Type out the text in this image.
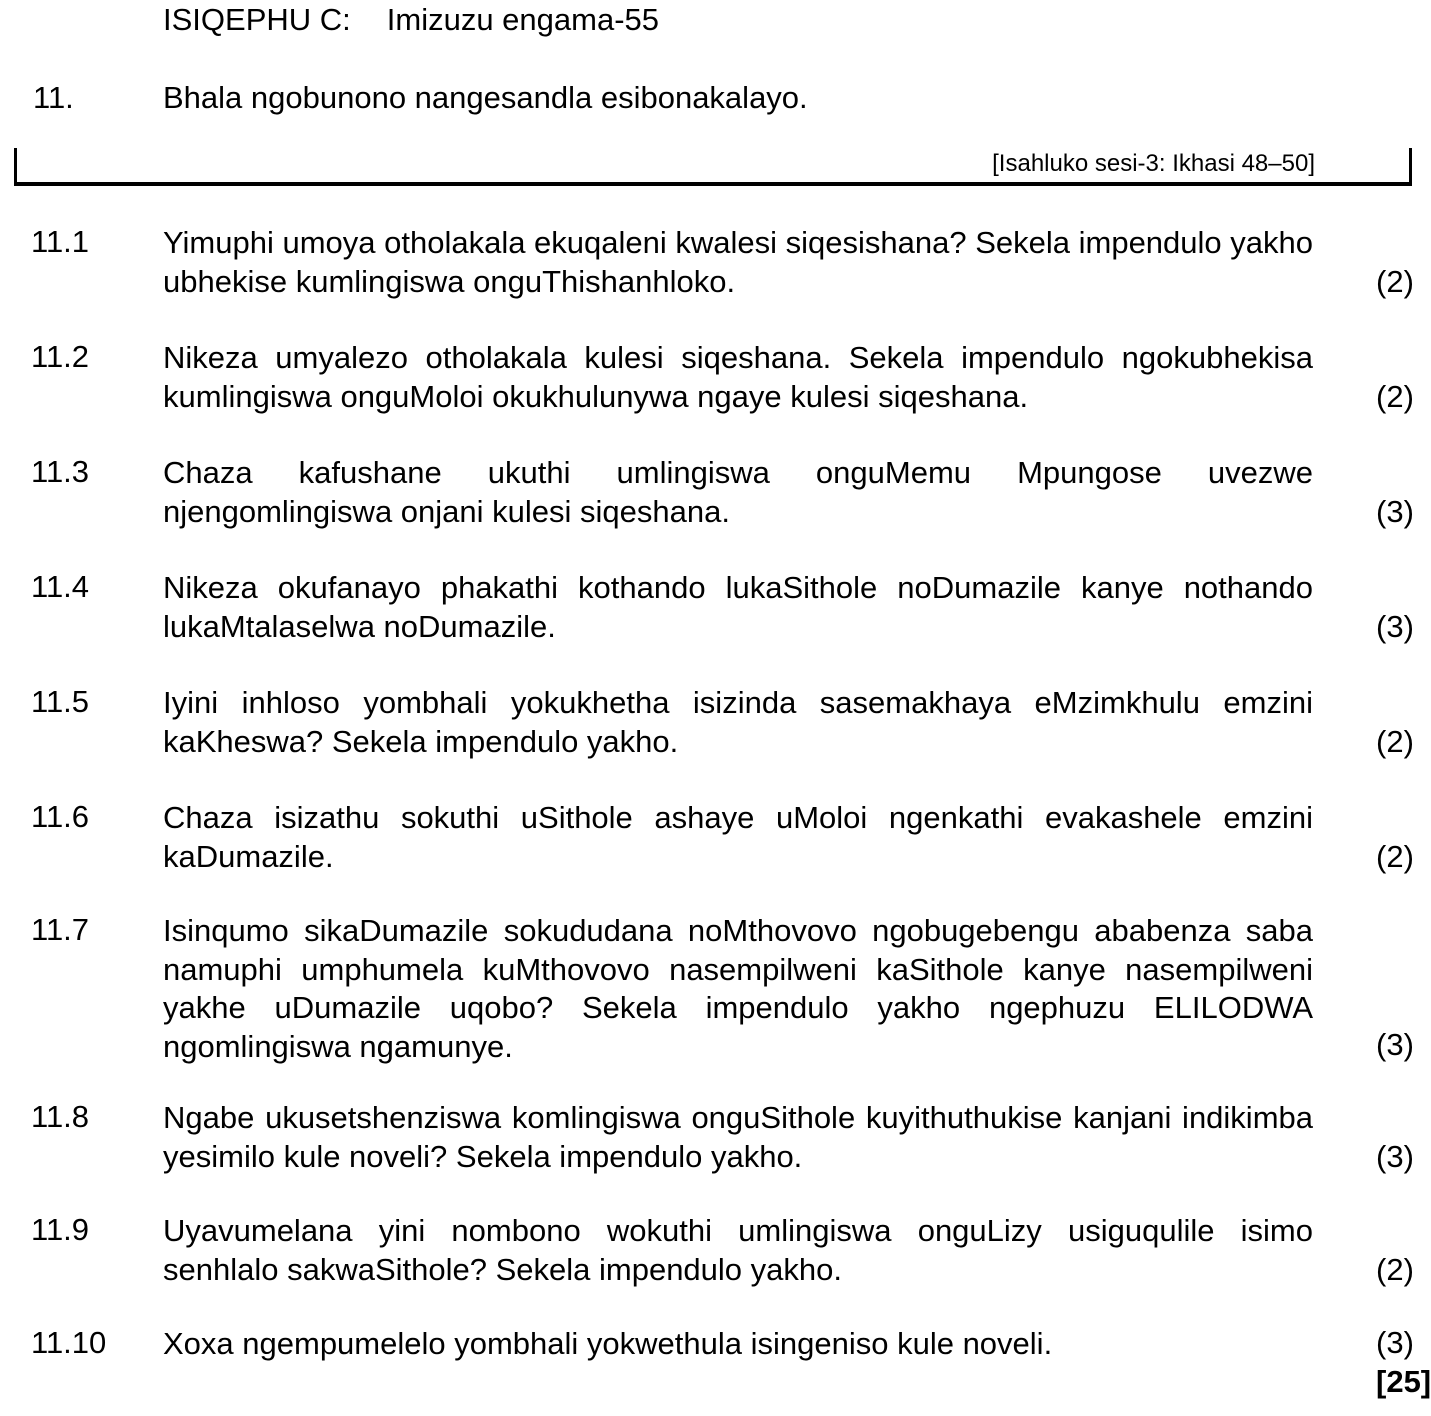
ISIQEPHU C: Imizuzu engama-55
11.	Bhala ngobunono nangesandla esibonakalayo.
[Isahluko sesi-3: Ikhasi 48–50]
11.1 Yimuphi umoya otholakala ekuqaleni kwalesi siqesishana? Sekela impendulo yakho ubhekise kumlingiswa onguThishanhloko.	(2)
11.2 Nikeza umyalezo otholakala kulesi siqeshana. Sekela impendulo ngokubhekisa kumlingiswa onguMoloi okukhulunywa ngaye kulesi siqeshana.	(2)
11.3 Chaza kafushane ukuthi umlingiswa onguMemu Mpungose uvezwe njengomlingiswa onjani kulesi siqeshana.	(3)
11.4 Nikeza okufanayo phakathi kothando lukaSithole noDumazile kanye nothando lukaMtalaselwa noDumazile.	(3)
11.5 Iyini inhloso yombhali yokukhetha isizinda sasemakhaya eMzimkhulu emzini kaKheswa? Sekela impendulo yakho.	(2)
11.6 Chaza isizathu sokuthi uSithole ashaye uMoloi ngenkathi evakashele emzini kaDumazile.	(2)
11.7 Isinqumo sikaDumazile sokududana noMthovovo ngobugebengu ababenza saba namuphi umphumela kuMthovovo nasempilweni kaSithole kanye nasempilweni yakhe uDumazile uqobo? Sekela impendulo yakho ngephuzu ELILODWA ngomlingiswa ngamunye.	(3)
11.8 Ngabe ukusetshenziswa komlingiswa onguSithole kuyithuthukise kanjani indikimba yesimilo kule noveli? Sekela impendulo yakho.	(3)
11.9 Uyavumelana yini nombono wokuthi umlingiswa onguLizy usiguqulile isimo senhlalo sakwaSithole? Sekela impendulo yakho.	(2)
11.10 Xoxa ngempumelelo yombhali yokwethula isingeniso kule noveli.	(3)
[25]
